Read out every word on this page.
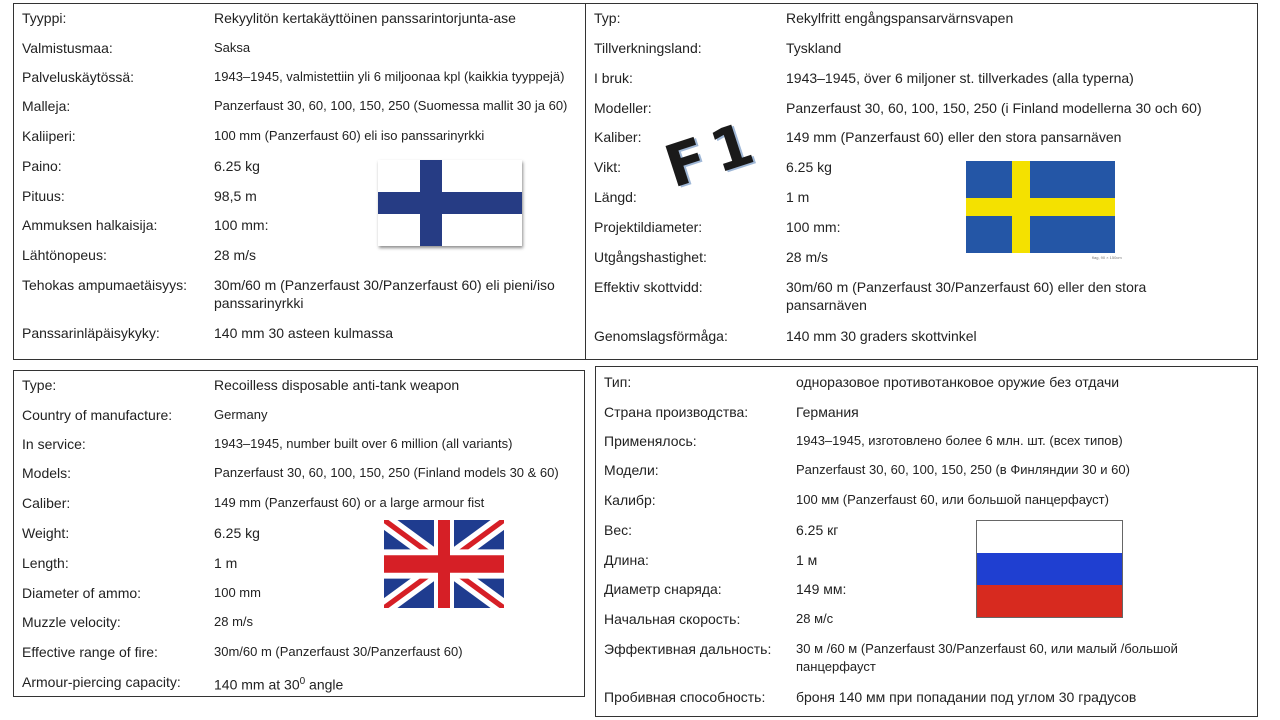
Tyyppi:	Rekyylitön kertakäyttöinen panssarintorjunta-ase
Valmistusmaa:	Saksa
Palveluskäytössä:	1943–1945, valmistettiin yli 6 miljoonaa kpl (kaikkia tyyppejä)
Malleja:	Panzerfaust 30, 60, 100, 150, 250 (Suomessa mallit 30 ja 60)
Kaliiperi:	100 mm (Panzerfaust 60) eli iso panssarinyrkki
Paino:	6.25 kg
Pituus:	98,5 m
Ammuksen halkaisija:	100 mm:
Lähtönopeus:	28 m/s
Tehokas ampumaetäisyys: 30m/60 m (Panzerfaust 30/Panzerfaust 60) eli pieni/iso panssarinyrkki
Panssarinläpäisykyky:	140 mm 30 asteen kulmassa
Typ:	Rekylfritt engångspansarvärnsvapen
Tillverkningsland:	Tyskland
I bruk:	1943–1945, över 6 miljoner st. tillverkades (alla typerna)
Modeller:	Panzerfaust 30, 60, 100, 150, 250 (i Finland modellerna 30 och 60)
Kaliber:	149 mm (Panzerfaust 60) eller den stora pansarnäven
Vikt:	6.25 kg
Längd:	1 m
Projektildiameter:	100 mm:
Utgångshastighet:	28 m/s
Effektiv skottvidd:	30m/60 m (Panzerfaust 30/Panzerfaust 60) eller den stora pansarnäven
Genomslagsförmåga:	140 mm 30 graders skottvinkel
Type:	Recoilless disposable anti-tank weapon
Country of manufacture:	Germany
In service:	1943–1945, number built over 6 million (all variants)
Models:	Panzerfaust 30, 60, 100, 150, 250 (Finland models 30 & 60)
Caliber:	149 mm (Panzerfaust 60) or a large armour fist
Weight:	6.25 kg
Length:	1 m
Diameter of ammo:	100 mm
Muzzle velocity:	28 m/s
Effective range of fire:	30m/60 m (Panzerfaust 30/Panzerfaust 60)
Armour-piercing capacity: 140 mm at $30^0$ angle
Тип:	одноразовое противотанковое оружие без отдачи
Страна производства:	Германия
Применялось:	1943–1945, изготовлено более 6 млн. шт. (всех типов)
Модели:	Panzerfaust 30, 60, 100, 150, 250 (в Финляндии 30 и 60)
Калибр:	100 мм (Panzerfaust 60, или большой панцерфауст)
Вес:	6.25 кг
Длина:	1 м
Диаметр снаряда:	149 мм:
Начальная скорость:	28 м/с
Эффективная дальность: 30 м /60 м (Panzerfaust 30/Panzerfaust 60, или малый /большой панцерфауст
Пробивная способность: броня 140 мм при попадании под углом 30 градусов
F1
flag, 90 × 150cm
